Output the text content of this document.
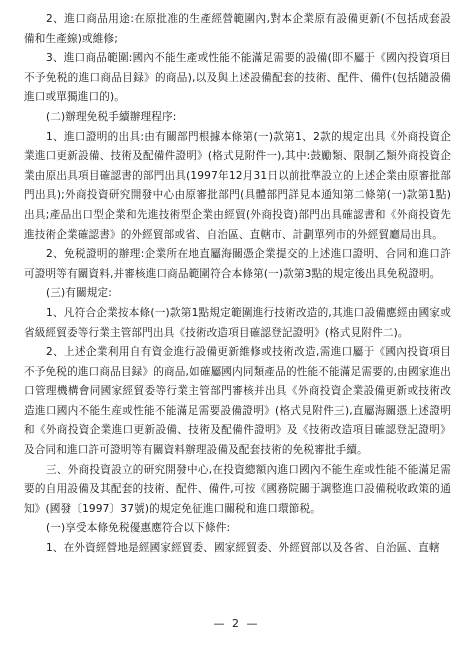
2、進口商品用途:在原批准的生產經營範圍內,對本企業原有設備更新(不包括成套設備和生產線)或維修;

3、進口商品範圍:國內不能生產或性能不能滿足需要的設備(即不屬于《國內投資項目不予免税的進口商品目録》的商品),以及與上述設備配套的技術、配件、備件(包括隨設備進口或單獨進口的)。

(二)辦理免税手續辦理程序:

1、進口證明的出具:由有關部門根據本條第(一)款第1、2款的規定出具《外商投資企業進口更新設備、技術及配備件證明》(格式見附件一),其中:鼓勵類、限制乙類外商投資企業由原出具項目確認書的部門出具(1997年12月31日以前批準設立的上述企業由原審批部門出具);外商投資研究開發中心由原審批部門(具體部門詳見本通知第二條第(一)款第1點)出具;產品出口型企業和先進技術型企業由經貿(外商投資)部門出具確認書和《外商投資先進技術企業確認書》的外經貿部或省、自治區、直轄市、計劃單列市的外經貿廳局出具。

2、免税證明的辦理:企業所在地直屬海關憑企業提交的上述進口證明、合同和進口許可證明等有關資料,并審核進口商品範圍符合本條第(一)款第3點的規定後出具免税證明。

(三)有關規定:

1、凡符合企業按本條(一)款第1點規定範圍進行技術改造的,其進口設備應經由國家或省級經貿委等行業主管部門出具《技術改造項目確認登記證明》(格式見附件二)。

2、上述企業利用自有資金進行設備更新維修或技術改造,需進口屬于《國內投資項目不予免税的進口商品目録》的商品,如確屬國内同類產品的性能不能滿足需要的,由國家進出口管理機構會同國家經貿委等行業主管部門審核并出具《外商投資企業設備更新或技術改造進口國内不能生産或性能不能滿足需要設備證明》(格式見附件三),直屬海關憑上述證明和《外商投資企業進口更新設備、技術及配備件證明》及《技術改造項目確認登記證明》及合同和進口許可證明等有關資料辦理設備及配套技術的免税審批手續。

三、外商投資設立的研究開發中心,在投資總額內進口國內不能生産或性能不能滿足需要的自用設備及其配套的技術、配件、備件,可按《國務院關于調整進口設備税收政策的通知》(國發〔1997〕37號)的規定免征進口關税和進口環節税。

(一)享受本條免税優惠應符合以下條件:

1、在外資經營地是經國家經貿委、國家經貿委、外經貿部以及各省、自治區、直轄

— 2 —
